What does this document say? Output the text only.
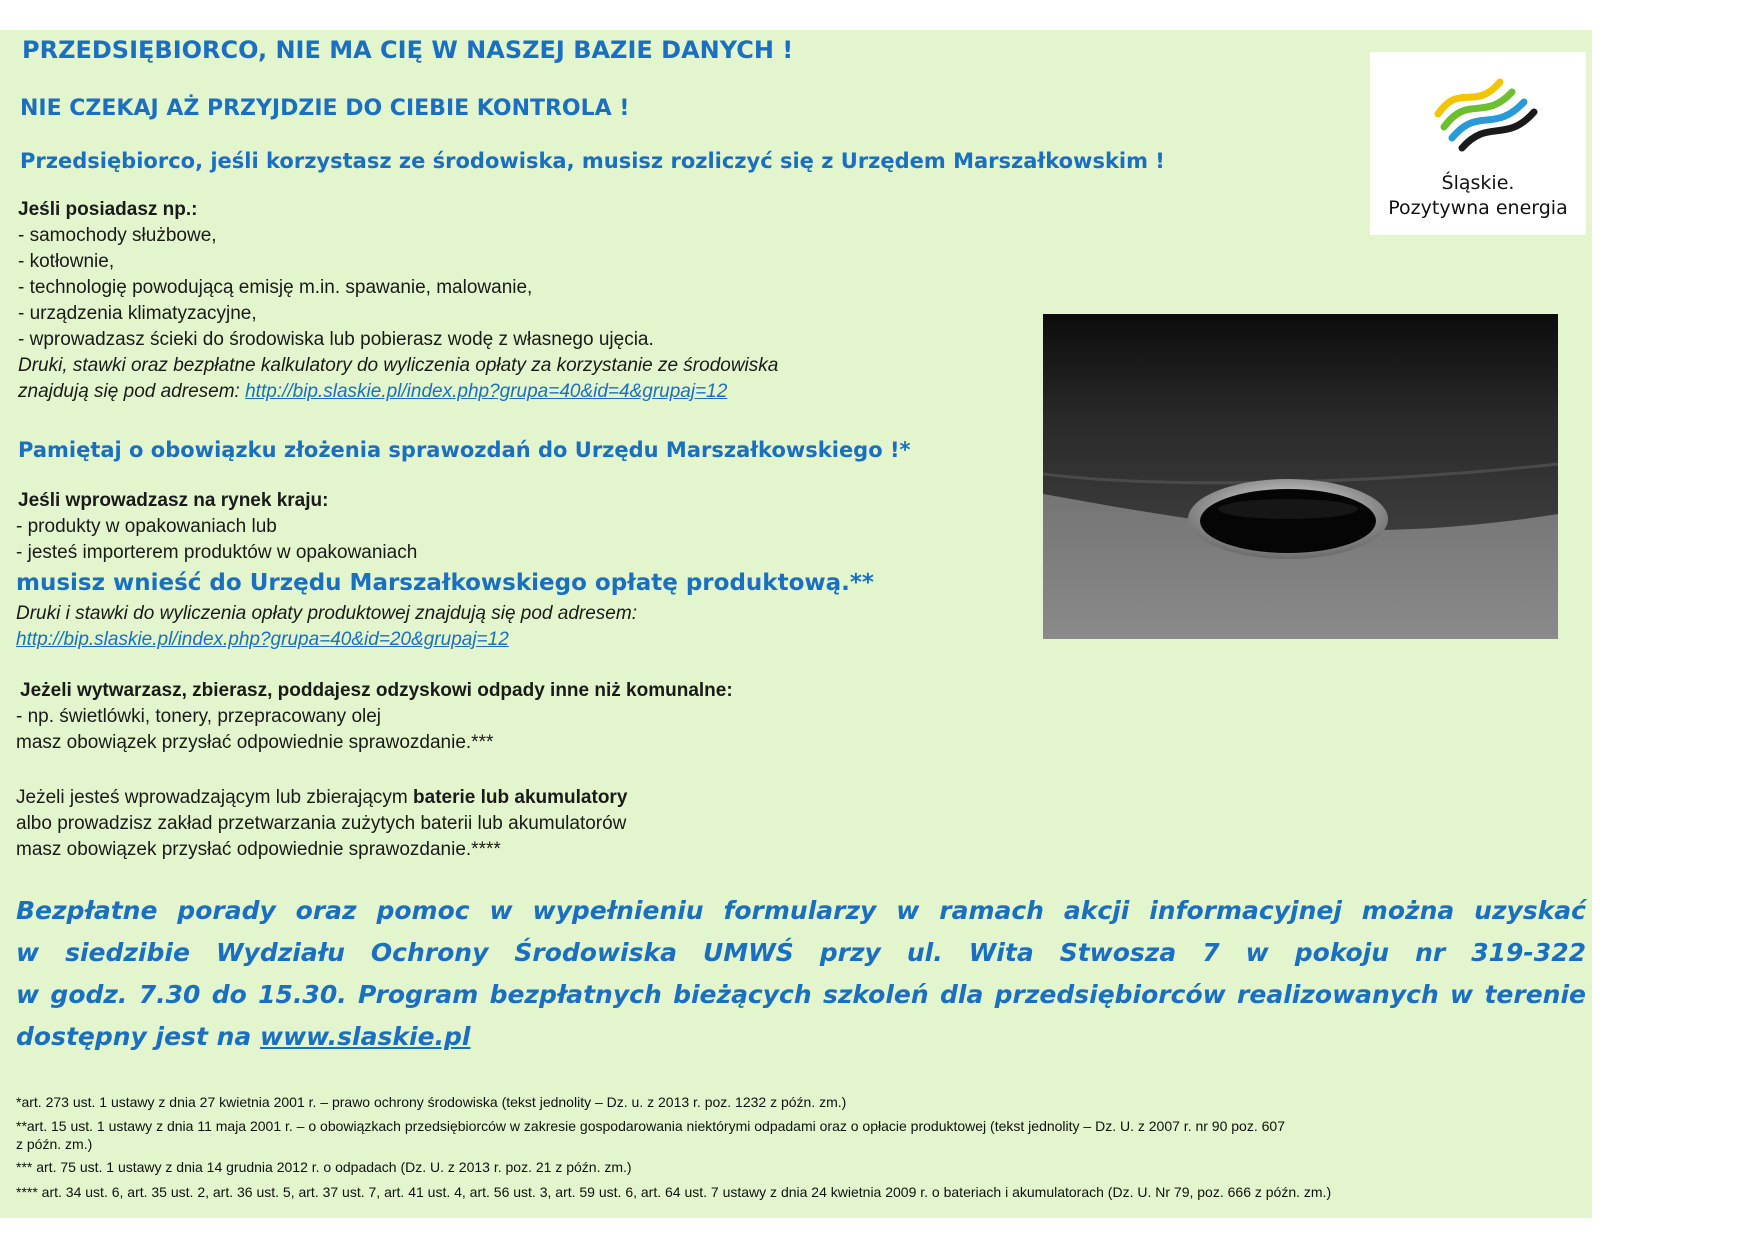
PRZEDSIĘBIORCO, NIE MA CIĘ W NASZEJ BAZIE DANYCH !
NIE CZEKAJ AŻ PRZYJDZIE DO CIEBIE KONTROLA !
Przedsiębiorco, jeśli korzystasz ze środowiska, musisz rozliczyć się z Urzędem Marszałkowskim !
Śląskie.
Pozytywna energia
Jeśli posiadasz np.:
- samochody służbowe,
- kotłownie,
- technologię powodującą emisję m.in. spawanie, malowanie,
- urządzenia klimatyzacyjne,
- wprowadzasz ścieki do środowiska lub pobierasz wodę z własnego ujęcia.
Druki, stawki oraz bezpłatne kalkulatory do wyliczenia opłaty za korzystanie ze środowiska
znajdują się pod adresem: http://bip.slaskie.pl/index.php?grupa=40&id=4&grupaj=12
Pamiętaj o obowiązku złożenia sprawozdań do Urzędu Marszałkowskiego !*
Jeśli wprowadzasz na rynek kraju:
- produkty w opakowaniach lub
- jesteś importerem produktów w opakowaniach
musisz wnieść do Urzędu Marszałkowskiego opłatę produktową.**
Druki i stawki do wyliczenia opłaty produktowej znajdują się pod adresem:
http://bip.slaskie.pl/index.php?grupa=40&id=20&grupaj=12
Jeżeli wytwarzasz, zbierasz, poddajesz odzyskowi odpady inne niż komunalne:
- np. świetlówki, tonery, przepracowany olej
masz obowiązek przysłać odpowiednie sprawozdanie.***
Jeżeli jesteś wprowadzającym lub zbierającym baterie lub akumulatory
albo prowadzisz zakład przetwarzania zużytych baterii lub akumulatorów
masz obowiązek przysłać odpowiednie sprawozdanie.****
Bezpłatne porady oraz pomoc w wypełnieniu formularzy w ramach akcji informacyjnej można uzyskać
w siedzibie Wydziału Ochrony Środowiska UMWŚ przy ul. Wita Stwosza 7 w pokoju nr 319-322
w godz. 7.30 do 15.30. Program bezpłatnych bieżących szkoleń dla przedsiębiorców realizowanych w terenie
dostępny jest na www.slaskie.pl
*art. 273 ust. 1 ustawy z dnia 27 kwietnia 2001 r. – prawo ochrony środowiska (tekst jednolity – Dz. u. z 2013 r. poz. 1232 z późn. zm.)
**art. 15 ust. 1 ustawy z dnia 11 maja 2001 r. – o obowiązkach przedsiębiorców w zakresie gospodarowania niektórymi odpadami oraz o opłacie produktowej (tekst jednolity – Dz. U. z 2007 r. nr 90 poz. 607
z późn. zm.)
*** art. 75 ust. 1 ustawy z dnia 14 grudnia 2012 r. o odpadach (Dz. U. z 2013 r. poz. 21 z późn. zm.)
**** art. 34 ust. 6, art. 35 ust. 2, art. 36 ust. 5, art. 37 ust. 7, art. 41 ust. 4, art. 56 ust. 3, art. 59 ust. 6, art. 64 ust. 7 ustawy z dnia 24 kwietnia 2009 r. o bateriach i akumulatorach (Dz. U. Nr 79, poz. 666 z późn. zm.)
